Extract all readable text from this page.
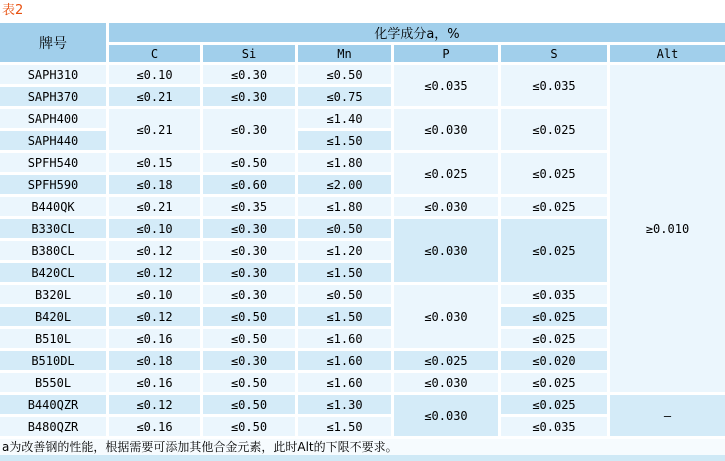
表2
牌号	化学成分a，%					
	C	Si	Mn	P	S	Alt
SAPH310	≤0.10	≤0.30	≤0.50	≤0.035	≤0.035	≥0.010
SAPH370	≤0.21	≤0.30	≤0.75			
SAPH400	≤0.21	≤0.30	≤1.40	≤0.030	≤0.025	
SAPH440			≤1.50			
SPFH540	≤0.15	≤0.50	≤1.80	≤0.025	≤0.025	
SPFH590	≤0.18	≤0.60	≤2.00			
B440QK	≤0.21	≤0.35	≤1.80	≤0.030	≤0.025	
B330CL	≤0.10	≤0.30	≤0.50	≤0.030	≤0.025	
B380CL	≤0.12	≤0.30	≤1.20			
B420CL	≤0.12	≤0.30	≤1.50			
B320L	≤0.10	≤0.30	≤0.50	≤0.030	≤0.035	
B420L	≤0.12	≤0.50	≤1.50		≤0.025	
B510L	≤0.16	≤0.50	≤1.60		≤0.025	
B510DL	≤0.18	≤0.30	≤1.60	≤0.025	≤0.020	
B550L	≤0.16	≤0.50	≤1.60	≤0.030	≤0.025	
B440QZR	≤0.12	≤0.50	≤1.30	≤0.030	≤0.025	–
B480QZR	≤0.16	≤0.50	≤1.50		≤0.035	
a为改善钢的性能，根据需要可添加其他合金元素，此时Alt的下限不要求。
